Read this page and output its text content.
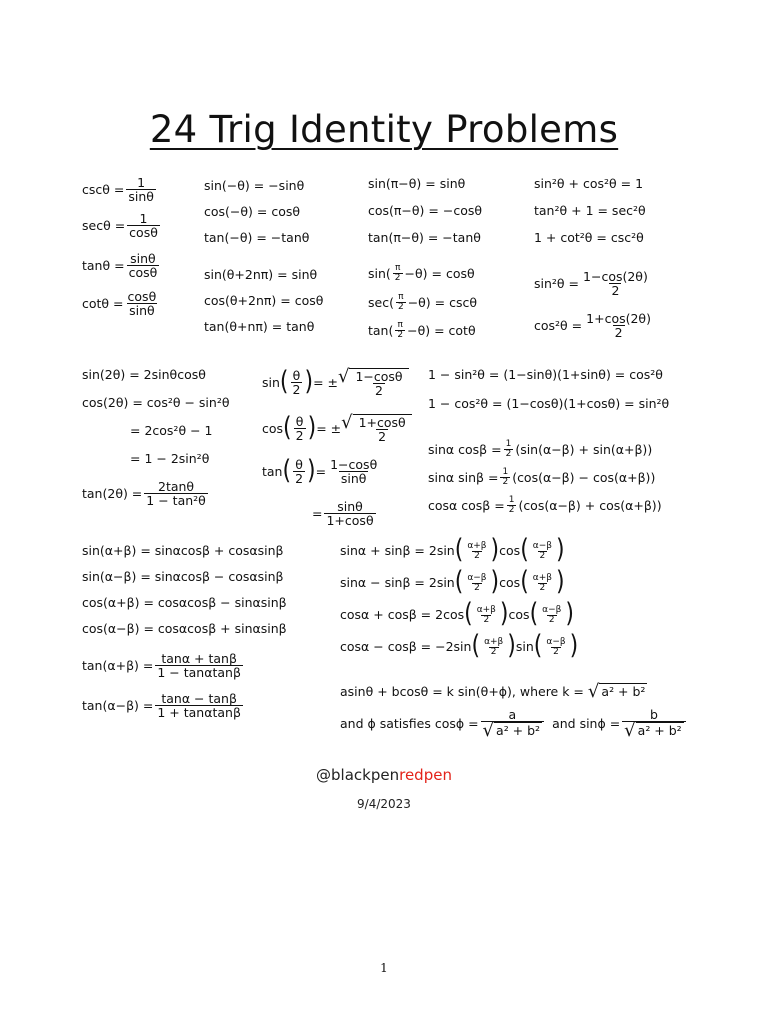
24 Trig Identity Problems
$\csc\theta = \frac{1}{\sin\theta}$
$\sec\theta = \frac{1}{\cos\theta}$
$\tan\theta = \frac{\sin\theta}{\cos\theta}$
$\cot\theta = \frac{\cos\theta}{\sin\theta}$
sin(−θ) = −sinθ
cos(−θ) = cosθ
tan(−θ) = −tanθ
sin(θ+2nπ) = sinθ
cos(θ+2nπ) = cosθ
tan(θ+nπ) = tanθ
sin(π−θ) = sinθ
cos(π−θ) = −cosθ
tan(π−θ) = −tanθ
$\sin( \frac{\pi}{2} -\theta) = \cos\theta$
$\sec( \frac{\pi}{2} -\theta) = \csc\theta$
$\tan( \frac{\pi}{2} -\theta) = \cot\theta$
sin²θ + cos²θ = 1
tan²θ + 1 = sec²θ
1 + cot²θ = csc²θ
$\sin^2\theta = \frac{1-\cos(2\theta)}{2}$
$\cos^2\theta = \frac{1+\cos(2\theta)}{2}$
sin(2θ) = 2sinθcosθ
cos(2θ) = cos²θ − sin²θ
= 2cos²θ − 1
= 1 − 2sin²θ
$\tan(2\theta) = \frac{2\tan\theta}{\text{1 − tan²θ}}$
sin ( $\frac{\theta}{2}$ ) = ± √ $\frac{1-\cos\theta}{2}$
cos ( $\frac{\theta}{2}$ ) = ± √ $\frac{1+\cos\theta}{2}$
tan ( $\frac{\theta}{2}$ ) = $\frac{1-\cos\theta}{\sin\theta}$
= $\frac{\sin\theta}{1+\cos\theta}$
1 − sin²θ = (1−sinθ)(1+sinθ) = cos²θ
1 − cos²θ = (1−cosθ)(1+cosθ) = sin²θ
sinα $\cos\beta = \frac{1}{2} (\sin(\alpha-\beta) + \sin(\alpha+\beta))$
sinα $\sin\beta = \frac{1}{2} (\cos(\alpha-\beta) - \cos(\alpha+\beta))$
cosα $\cos\beta = \frac{1}{2} (\cos(\alpha-\beta) + \cos(\alpha+\beta))$
sin(α+β) = sinαcosβ + cosαsinβ
sin(α−β) = sinαcosβ − cosαsinβ
cos(α+β) = cosαcosβ − sinαsinβ
cos(α−β) = cosαcosβ + sinαsinβ
$\tan(\alpha+\beta) = \frac{\tan\alpha + \tan\beta}{1 - \tan\alpha\tan\beta}$
$\tan(\alpha-\beta) = \frac{\tan\alpha - \tan\beta}{1 + \tan\alpha\tan\beta}$
sinα + sinβ = 2sin ( $\frac{\alpha+\beta}{2}$ ) cos ( $\frac{\alpha-\beta}{2}$ )
sinα − sinβ = 2sin ( $\frac{\alpha-\beta}{2}$ ) cos ( $\frac{\alpha+\beta}{2}$ )
cosα + cosβ = 2cos ( $\frac{\alpha+\beta}{2}$ ) cos ( $\frac{\alpha-\beta}{2}$ )
cosα − cosβ = −2sin ( $\frac{\alpha+\beta}{2}$ ) sin ( $\frac{\alpha-\beta}{2}$ )
asinθ + bcosθ = k sin(θ+ϕ), where k = √ a² + b²
and ϕ satisfies $\cos\phi = \frac{a}{\text{√ a² + b²}}$ and $\sin\phi = \frac{b}{\text{√ a² + b²}}$
@blackpenredpen
9/4/2023
1
